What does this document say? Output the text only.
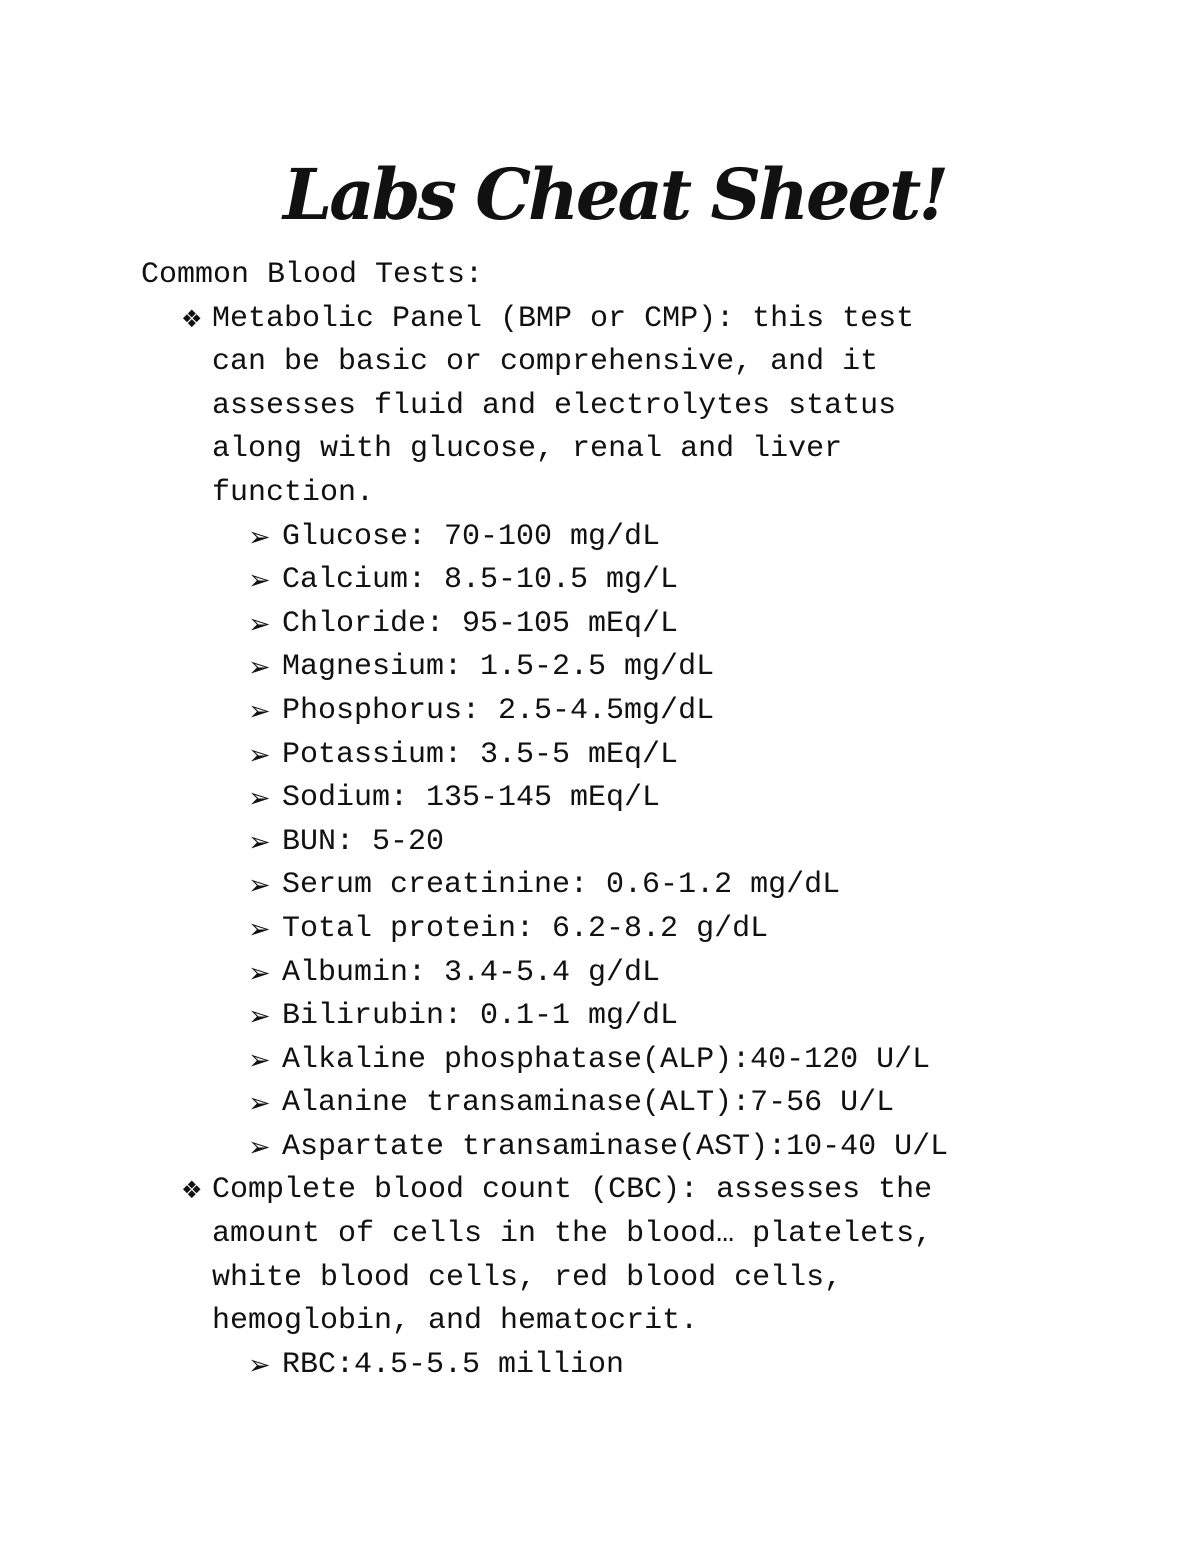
Labs Cheat Sheet!

Common Blood Tests:

❖ Metabolic Panel (BMP or CMP): this test

can be basic or comprehensive, and it

assesses fluid and electrolytes status

along with glucose, renal and liver

function.

➢ Glucose: 70-100 mg/dL
➢ Calcium: 8.5-10.5 mg/L
➢ Chloride: 95-105 mEq/L
➢ Magnesium: 1.5-2.5 mg/dL
➢ Phosphorus: 2.5-4.5mg/dL
➢ Potassium: 3.5-5 mEq/L
➢ Sodium: 135-145 mEq/L
➢ BUN: 5-20
➢ Serum creatinine: 0.6-1.2 mg/dL
➢ Total protein: 6.2-8.2 g/dL
➢ Albumin: 3.4-5.4 g/dL
➢ Bilirubin: 0.1-1 mg/dL
➢ Alkaline phosphatase(ALP):40-120 U/L
➢ Alanine transaminase(ALT):7-56 U/L
➢ Aspartate transaminase(AST):10-40 U/L
❖ Complete blood count (CBC): assesses the

amount of cells in the blood… platelets,

white blood cells, red blood cells,

hemoglobin, and hematocrit.

➢ RBC:4.5-5.5 million
